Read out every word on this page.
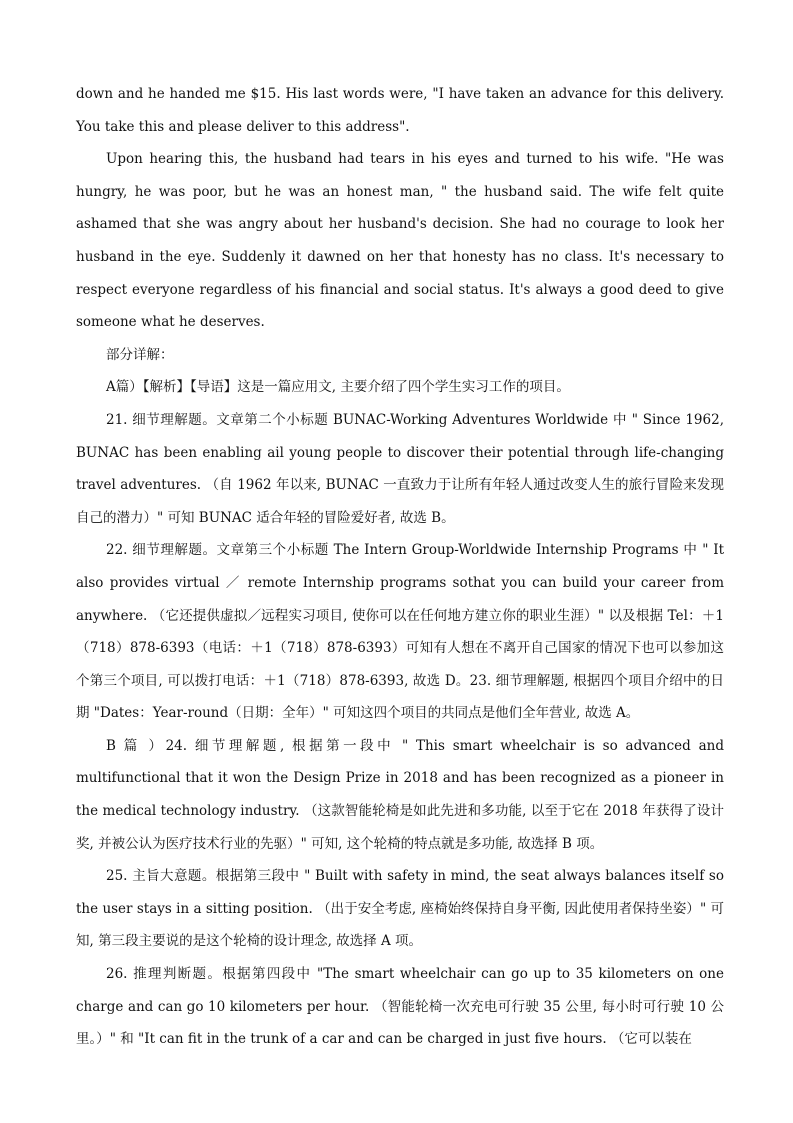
down and he handed me $15. His last words were, "I have taken an advance for this delivery. You take this and please deliver to this address".

Upon hearing this, the husband had tears in his eyes and turned to his wife. "He was hungry, he was poor, but he was an honest man, " the husband said. The wife felt quite ashamed that she was angry about her husband's decision. She had no courage to look her husband in the eye. Suddenly it dawned on her that honesty has no class. It's necessary to respect everyone regardless of his financial and social status. It's always a good deed to give someone what he deserves.

部分详解：

A篇）【解析】【导语】这是一篇应用文, 主要介绍了四个学生实习工作的项目。

21. 细节理解题。文章第二个小标题 BUNAC-Working Adventures Worldwide 中 " Since 1962, BUNAC has been enabling ail young people to discover their potential through life-changing travel adventures. （自 1962 年以来, BUNAC 一直致力于让所有年轻人通过改变人生的旅行冒险来发现自己的潜力）" 可知 BUNAC 适合年轻的冒险爱好者, 故选 B。

22. 细节理解题。文章第三个小标题 The Intern Group-Worldwide Internship Programs 中 " It also provides virtual ／ remote Internship programs sothat you can build your career from anywhere. （它还提供虚拟／远程实习项目, 使你可以在任何地方建立你的职业生涯）" 以及根据 Tel：＋1（718）878-6393（电话：＋1（718）878-6393）可知有人想在不离开自己国家的情况下也可以参加这个第三个项目, 可以拨打电话：＋1（718）878-6393, 故选 D。23. 细节理解题, 根据四个项目介绍中的日期 "Dates：Year-round（日期：全年）" 可知这四个项目的共同点是他们全年营业, 故选 A。

B 篇 ）24. 细节理解题, 根据第一段中 " This smart wheelchair is so advanced and multifunctional that it won the Design Prize in 2018 and has been recognized as a pioneer in the medical technology industry. （这款智能轮椅是如此先进和多功能, 以至于它在 2018 年获得了设计奖, 并被公认为医疗技术行业的先驱）" 可知, 这个轮椅的特点就是多功能, 故选择 B 项。

25. 主旨大意题。根据第三段中 " Built with safety in mind, the seat always balances itself so the user stays in a sitting position. （出于安全考虑, 座椅始终保持自身平衡, 因此使用者保持坐姿）" 可知, 第三段主要说的是这个轮椅的设计理念, 故选择 A 项。

26. 推理判断题。根据第四段中 "The smart wheelchair can go up to 35 kilometers on one charge and can go 10 kilometers per hour. （智能轮椅一次充电可行驶 35 公里, 每小时可行驶 10 公里。）" 和 "It can fit in the trunk of a car and can be charged in just five hours. （它可以装在
